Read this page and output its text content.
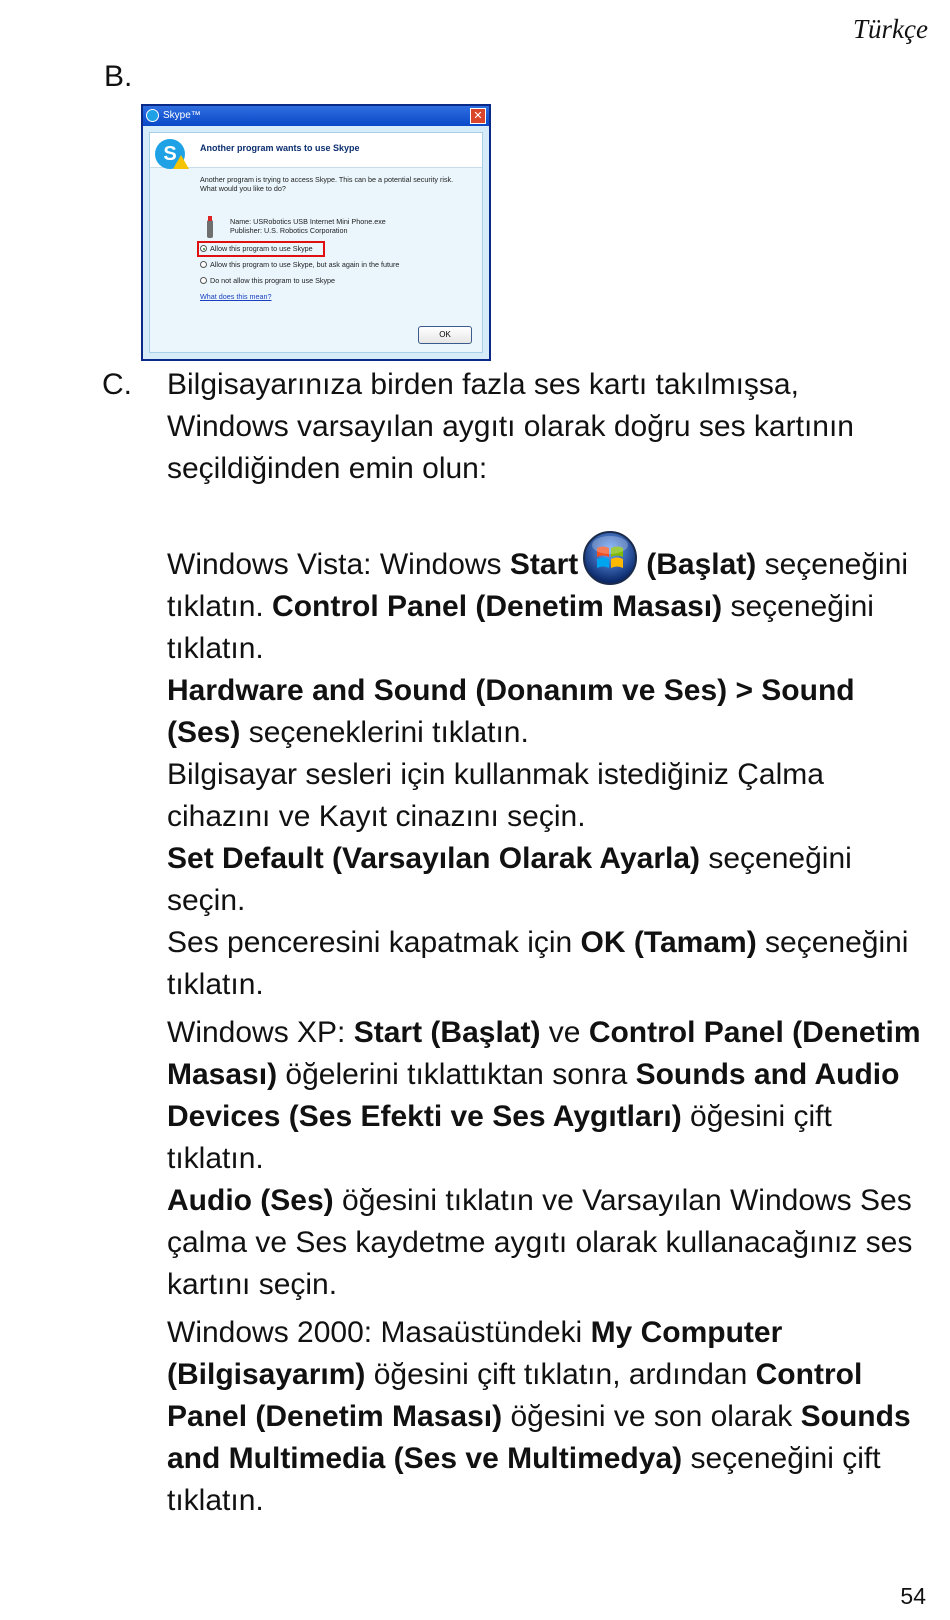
Türkçe
B.
Skype™	✕
S	Another program wants to use Skype

Another program is trying to access Skype. This can be a potential security risk.

What would you like to do?

Name: USRobotics USB Internet Mini Phone.exe
Publisher: U.S. Robotics Corporation
Allow this program to use Skype
Allow this program to use Skype, but ask again in the future
Do not allow this program to use Skype
What does this mean?
OK
C. Bilgisayarınıza birden fazla ses kartı takılmışsa, Windows varsayılan aygıtı olarak doğru ses kartının seçildiğinden emin olun:

Windows Vista: Windows Start (Başlat) seçeneğini tıklatın. Control Panel (Denetim Masası) seçeneğini tıklatın.

Hardware and Sound (Donanım ve Ses) > Sound (Ses) seçeneklerini tıklatın.

Bilgisayar sesleri için kullanmak istediğiniz Çalma cihazını ve Kayıt cinazını seçin.

Set Default (Varsayılan Olarak Ayarla) seçeneğini seçin.

Ses penceresini kapatmak için OK (Tamam) seçeneğini tıklatın.

Windows XP: Start (Başlat) ve Control Panel (Denetim Masası) öğelerini tıklattıktan sonra Sounds and Audio Devices (Ses Efekti ve Ses Aygıtları) öğesini çift tıklatın.

Audio (Ses) öğesini tıklatın ve Varsayılan Windows Ses çalma ve Ses kaydetme aygıtı olarak kullanacağınız ses kartını seçin.

Windows 2000: Masaüstündeki My Computer (Bilgisayarım) öğesini çift tıklatın, ardından Control Panel (Denetim Masası) öğesini ve son olarak Sounds and Multimedia (Ses ve Multimedya) seçeneğini çift tıklatın.

54
